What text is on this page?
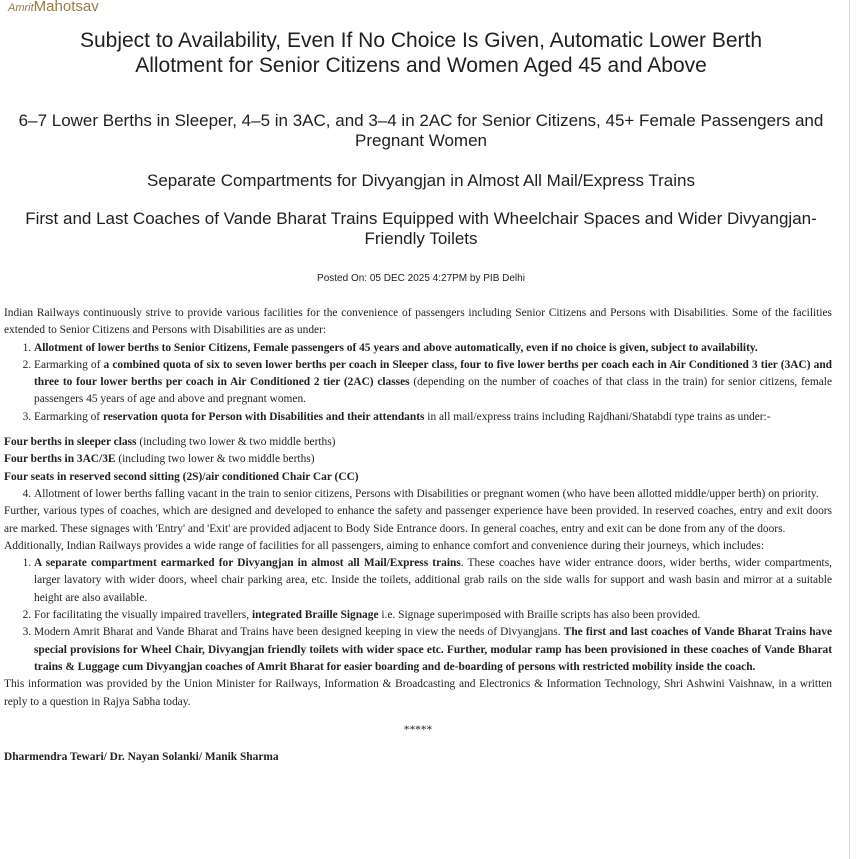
AmritMahotsav
Subject to Availability, Even If No Choice Is Given, Automatic Lower Berth Allotment for Senior Citizens and Women Aged 45 and Above
6–7 Lower Berths in Sleeper, 4–5 in 3AC, and 3–4 in 2AC for Senior Citizens, 45+ Female Passengers and Pregnant Women
Separate Compartments for Divyangjan in Almost All Mail/Express Trains
First and Last Coaches of Vande Bharat Trains Equipped with Wheelchair Spaces and Wider Divyangjan-Friendly Toilets
Posted On: 05 DEC 2025 4:27PM by PIB Delhi

Indian Railways continuously strive to provide various facilities for the convenience of passengers including Senior Citizens and Persons with Disabilities. Some of the facilities extended to Senior Citizens and Persons with Disabilities are as under:

1. Allotment of lower berths to Senior Citizens, Female passengers of 45 years and above automatically, even if no choice is given, subject to availability.
2. Earmarking of a combined quota of six to seven lower berths per coach in Sleeper class, four to five lower berths per coach each in Air Conditioned 3 tier (3AC) and three to four lower berths per coach in Air Conditioned 2 tier (2AC) classes (depending on the number of coaches of that class in the train) for senior citizens, female passengers 45 years of age and above and pregnant women.
3. Earmarking of reservation quota for Person with Disabilities and their attendants in all mail/express trains including Rajdhani/Shatabdi type trains as under:-
Four berths in sleeper class (including two lower & two middle berths)
Four berths in 3AC/3E (including two lower & two middle berths)
Four seats in reserved second sitting (2S)/air conditioned Chair Car (CC)
4. Allotment of lower berths falling vacant in the train to senior citizens, Persons with Disabilities or pregnant women (who have been allotted middle/upper berth) on priority.

Further, various types of coaches, which are designed and developed to enhance the safety and passenger experience have been provided. In reserved coaches, entry and exit doors are marked. These signages with 'Entry' and 'Exit' are provided adjacent to Body Side Entrance doors. In general coaches, entry and exit can be done from any of the doors.

Additionally, Indian Railways provides a wide range of facilities for all passengers, aiming to enhance comfort and convenience during their journeys, which includes:

1. A separate compartment earmarked for Divyangjan in almost all Mail/Express trains. These coaches have wider entrance doors, wider berths, wider compartments, larger lavatory with wider doors, wheel chair parking area, etc. Inside the toilets, additional grab rails on the side walls for support and wash basin and mirror at a suitable height are also available.
2. For facilitating the visually impaired travellers, integrated Braille Signage i.e. Signage superimposed with Braille scripts has also been provided.
3. Modern Amrit Bharat and Vande Bharat and Trains have been designed keeping in view the needs of Divyangjans. The first and last coaches of Vande Bharat Trains have special provisions for Wheel Chair, Divyangjan friendly toilets with wider space etc. Further, modular ramp has been provisioned in these coaches of Vande Bharat trains & Luggage cum Divyangjan coaches of Amrit Bharat for easier boarding and de-boarding of persons with restricted mobility inside the coach.

This information was provided by the Union Minister for Railways, Information & Broadcasting and Electronics & Information Technology, Shri Ashwini Vaishnaw, in a written reply to a question in Rajya Sabha today.

*****
Dharmendra Tewari/ Dr. Nayan Solanki/ Manik Sharma
